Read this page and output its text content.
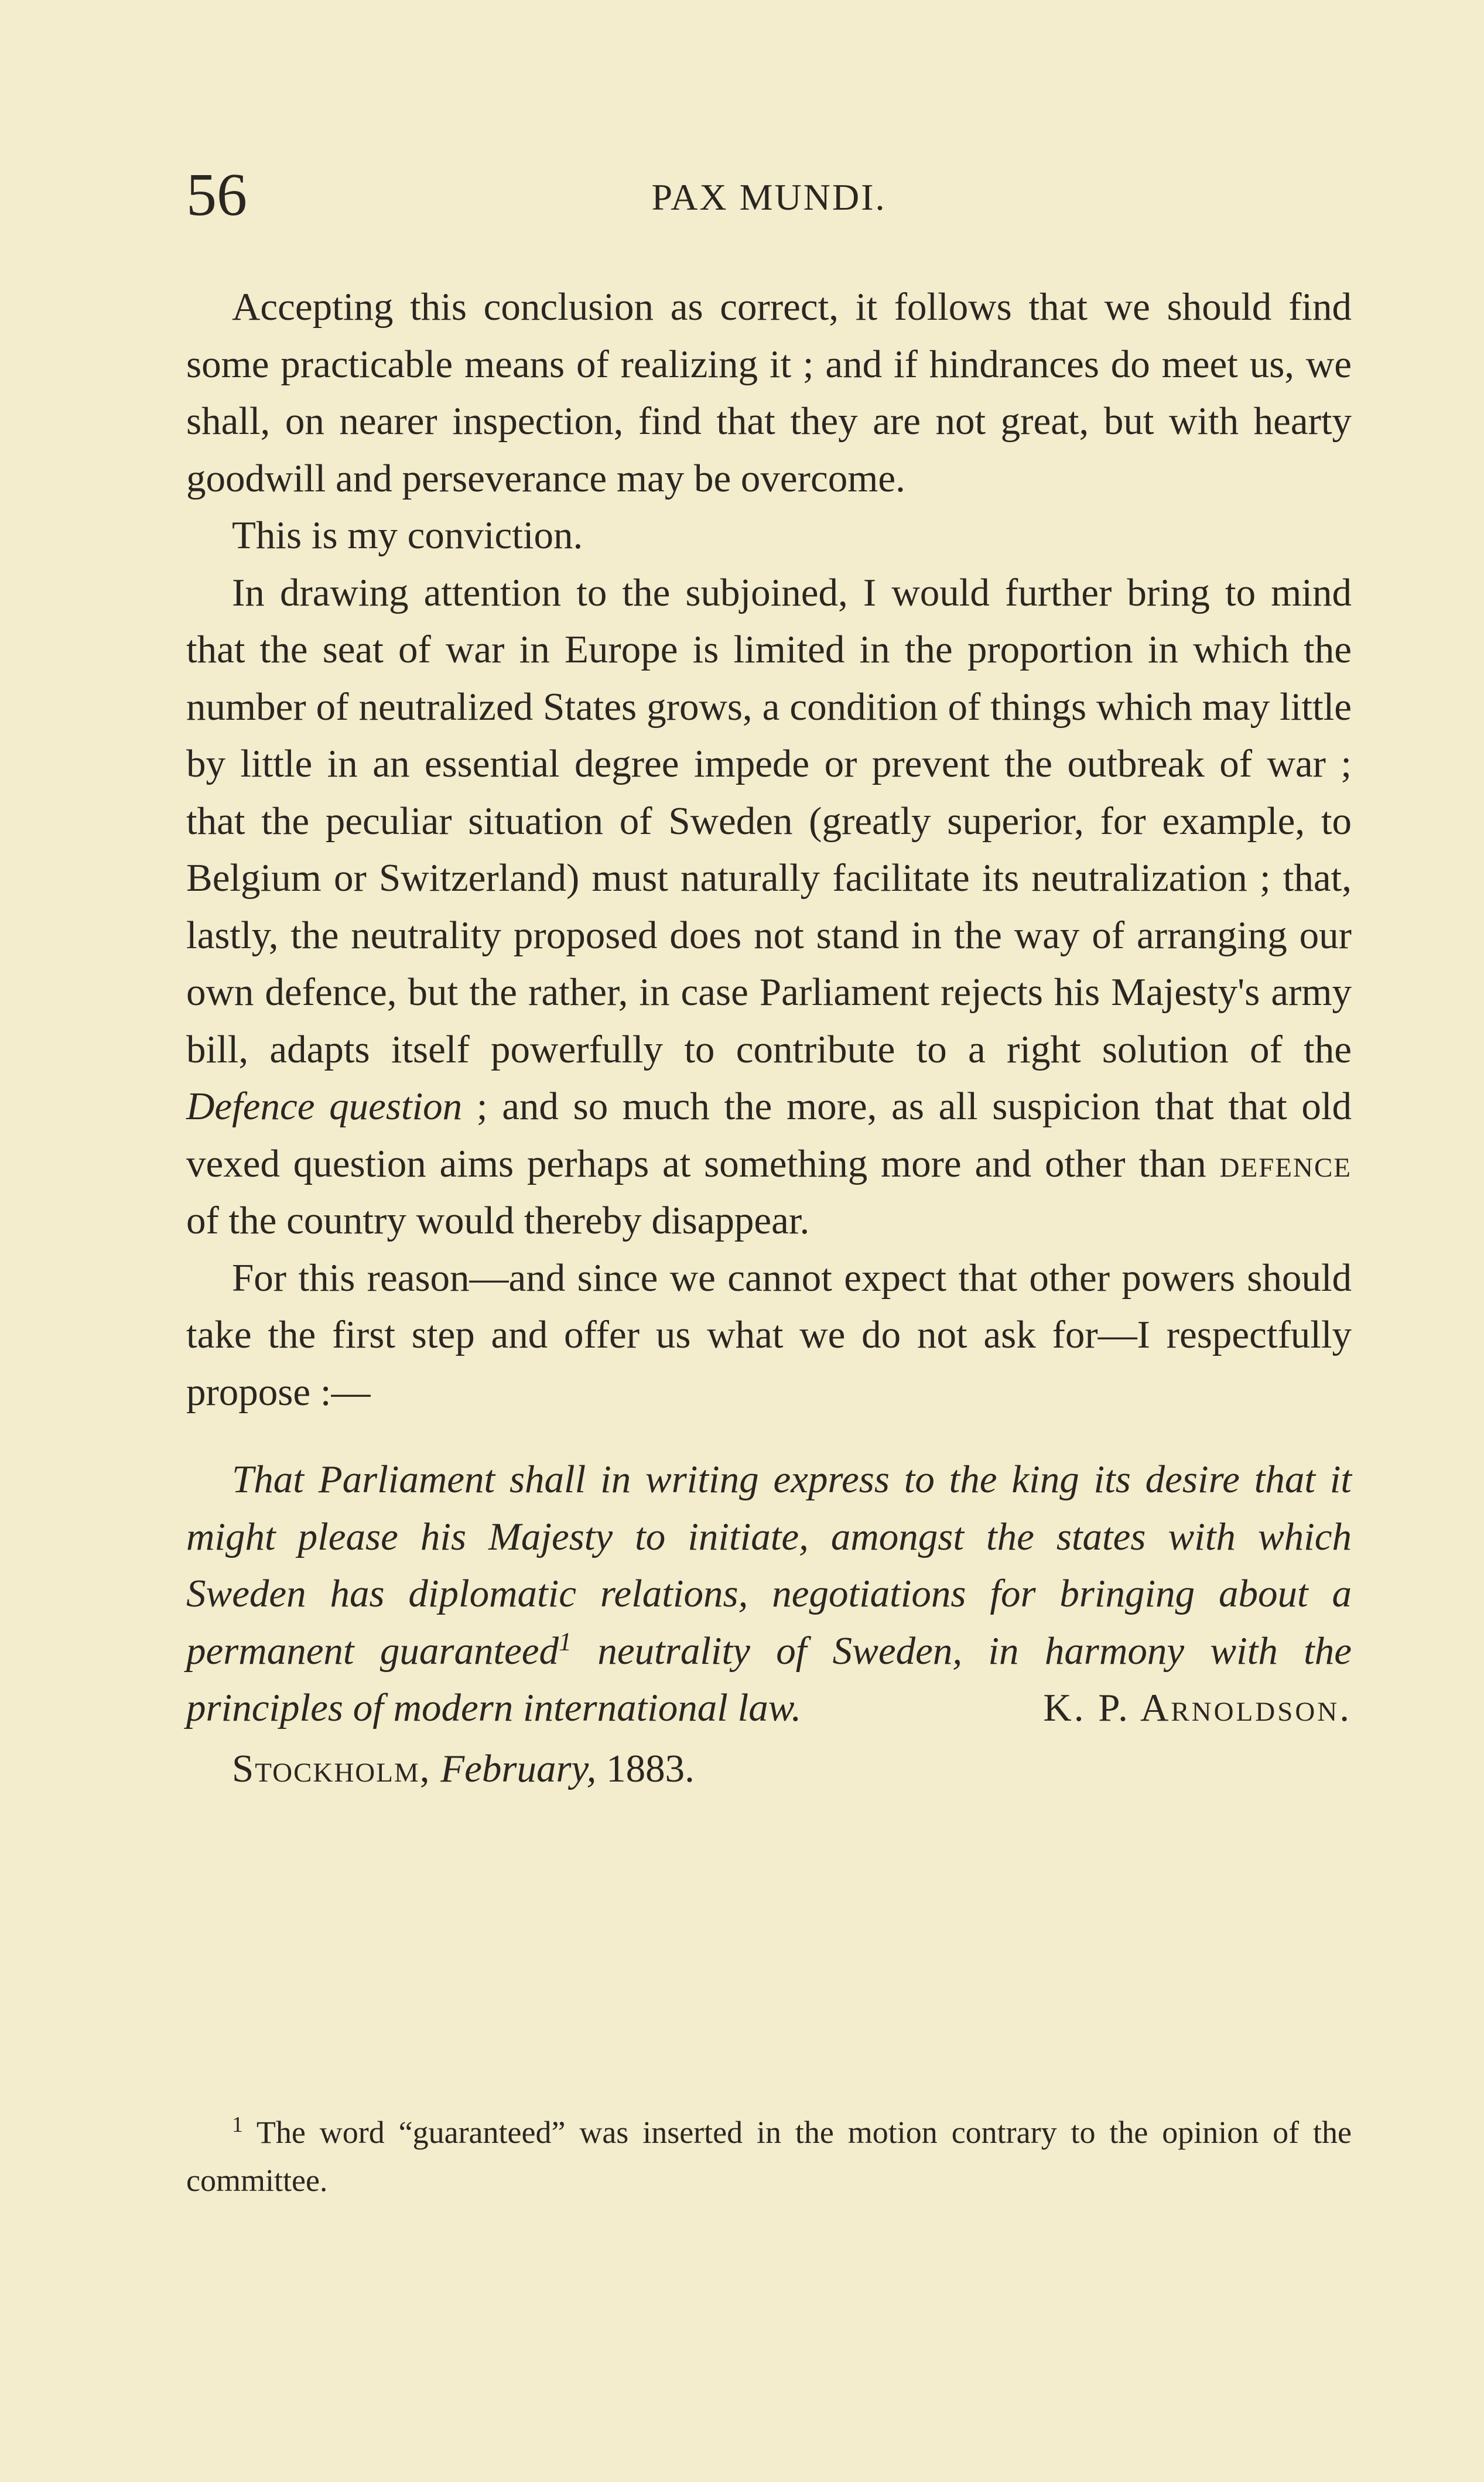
56	PAX MUNDI.

Accepting this conclusion as correct, it follows that we should find some practicable means of realizing it ; and if hindrances do meet us, we shall, on nearer inspection, find that they are not great, but with hearty goodwill and perseverance may be overcome.

This is my conviction.

In drawing attention to the subjoined, I would further bring to mind that the seat of war in Europe is limited in the proportion in which the number of neutralized States grows, a condition of things which may little by little in an essential degree impede or prevent the outbreak of war ; that the peculiar situation of Sweden (greatly superior, for example, to Belgium or Switzerland) must naturally facilitate its neutralization ; that, lastly, the neutrality proposed does not stand in the way of arranging our own defence, but the rather, in case Parliament rejects his Majesty's army bill, adapts itself powerfully to contribute to a right solution of the Defence question ; and so much the more, as all suspicion that that old vexed question aims perhaps at something more and other than defence of the country would thereby disappear.

For this reason—and since we cannot expect that other powers should take the first step and offer us what we do not ask for—I respectfully propose :—

That Parliament shall in writing express to the king its desire that it might please his Majesty to initiate, amongst the states with which Sweden has diplomatic relations, negotiations for bringing about a permanent guaranteed$^1$ neutrality of Sweden, in harmony with the principles of modern international law.	K. P. Arnoldson.

Stockholm, February, 1883.

$^1$ The word “guaranteed” was inserted in the motion contrary to the opinion of the committee.
